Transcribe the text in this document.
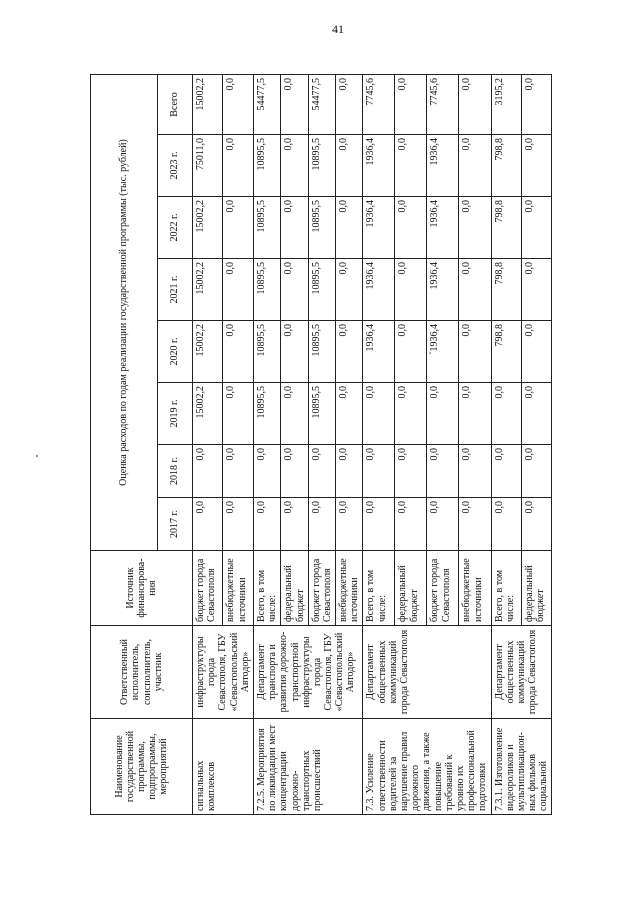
41
Наименование государственной программы, подпрограммы, мероприятий	Ответственный исполнитель, соисполнитель, участник	Источник финансирова-ния	Оценка расходов по годам реализации государственной программы (тыс. рублей)							
			2017 г.	2018 г.	2019 г.	2020 г.	2021 г.	2022 г.	2023 г.	Всего
сигнальных комплексов	инфраструктуры города Севастополя, ГБУ «Севастопольский Автодор»	бюджет города Севастополя	0,0	0,0	15002,2	15002,2	15002,2	15002,2	75011,0	15002,2
		внебюджетные источники	0,0	0,0	0,0	0,0	0,0	0,0	0,0	0,0
7.2.5. Мероприятия по ликвидации мест концентрации дорожно-транспортных происшествий	Департамент транспорта и развития дорожно-транспортной инфраструктуры города Севастополя, ГБУ «Севастопольский Автодор»	Всего, в том числе:	0,0	0,0	10895,5	10895,5	10895,5	10895,5	10895,5	54477,5
		федеральный бюджет	0,0	0,0	0,0	0,0	0,0	0,0	0,0	0,0
		бюджет города Севастополя	0,0	0,0	10895,5	10895,5	10895,5	10895,5	10895,5	54477,5
		внебюджетные источники	0,0	0,0	0,0	0,0	0,0	0,0	0,0	0,0
7.3. Усиление ответственности водителей за нарушение правил дорожного движения, а также повышение требований к уровню их профессиональной подготовки	Департамент общественных коммуникаций города Севастополя	Всего, в том числе:	0,0	0,0	0,0	1936,4	1936,4	1936,4	1936,4	7745,6
		федеральный бюджет	0,0	0,0	0,0	0,0	0,0	0,0	0,0	0,0
		бюджет города Севастополя	0,0	0,0	0,0	`1936,4	1936,4	1936,4	1936,4	7745,6
		внебюджетные источники	0,0	0,0	0,0	0,0	0,0	0,0	0,0	0,0
7.3.1. Изготовление видеороликов и мультипликацион-ных фильмов социальной	Департамент общественных коммуникаций города Севастополя	Всего, в том числе:	0,0	0,0	0,0	798,8	798,8	798,8	798,8	3195,2
		федеральный бюджет	0,0	0,0	0,0	0,0	0,0	0,0	0,0	0,0
